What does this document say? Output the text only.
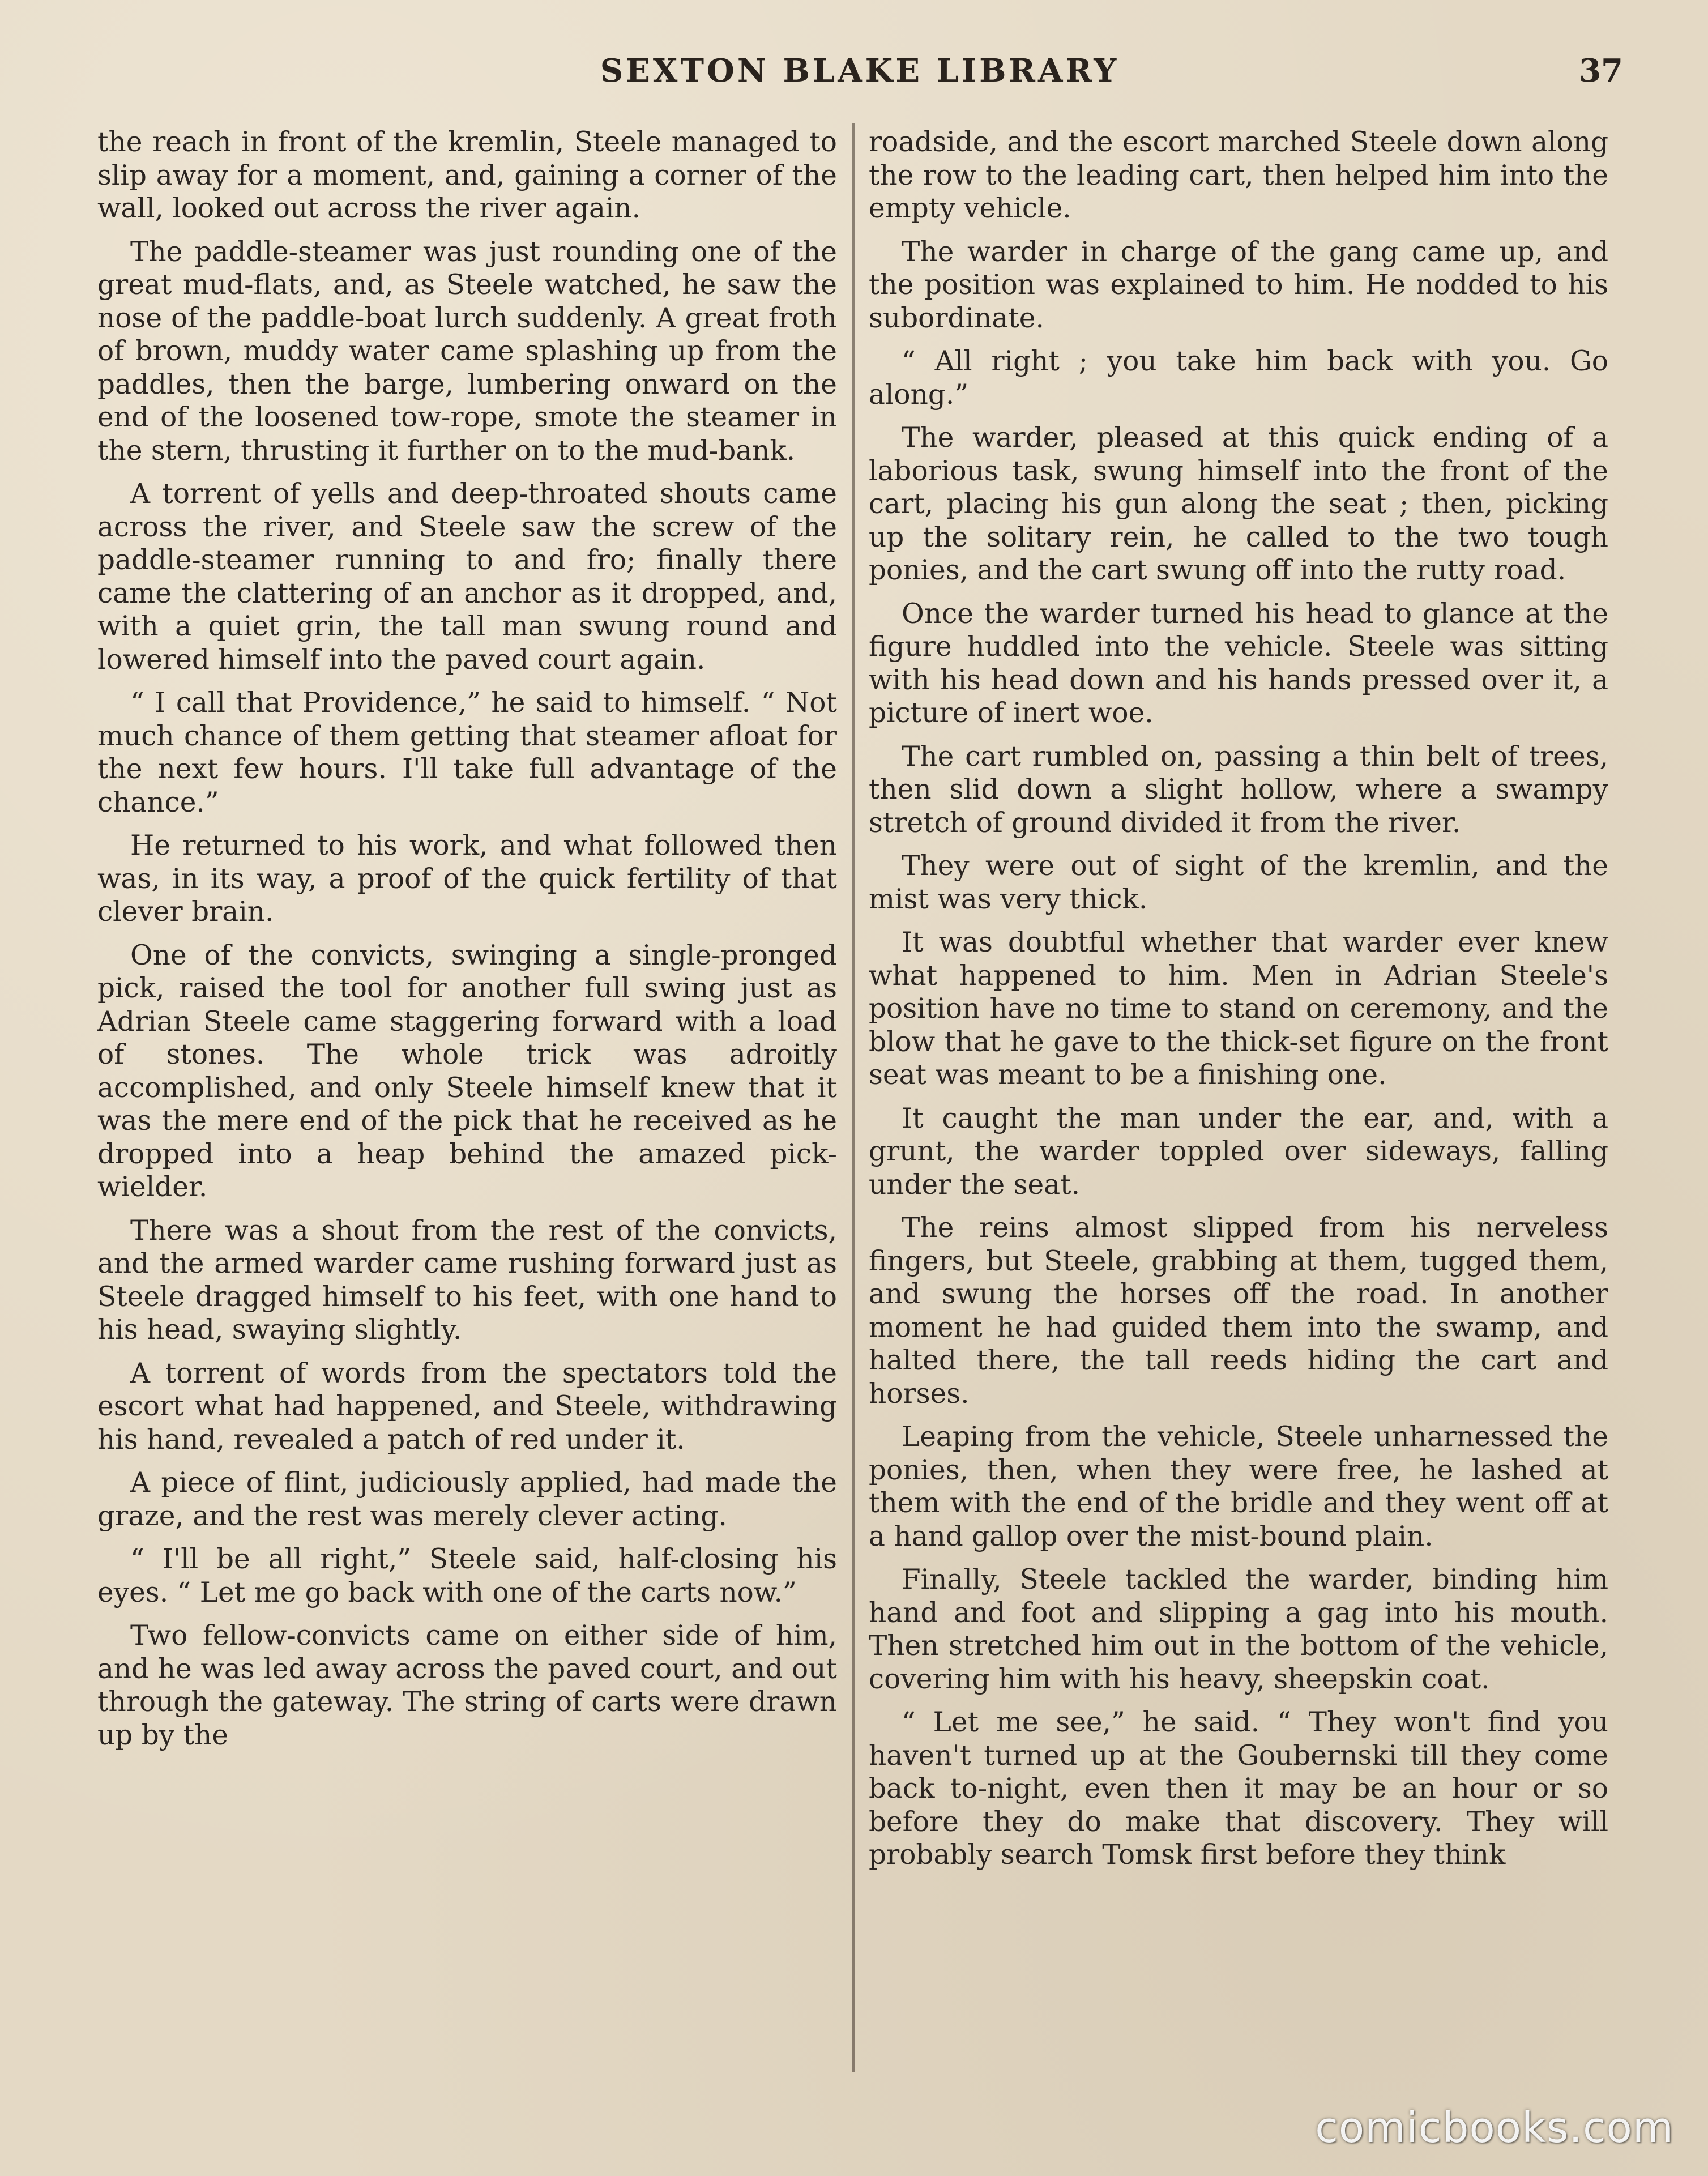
SEXTON BLAKE LIBRARY	37

the reach in front of the kremlin, Steele managed to slip away for a moment, and, gaining a corner of the wall, looked out across the river again.

The paddle-steamer was just rounding one of the great mud-flats, and, as Steele watched, he saw the nose of the paddle-boat lurch suddenly. A great froth of brown, muddy water came splashing up from the paddles, then the barge, lumbering onward on the end of the loosened tow-rope, smote the steamer in the stern, thrusting it further on to the mud-bank.

A torrent of yells and deep-throated shouts came across the river, and Steele saw the screw of the paddle-steamer running to and fro; finally there came the clattering of an anchor as it dropped, and, with a quiet grin, the tall man swung round and lowered himself into the paved court again.

“ I call that Providence,” he said to himself. “ Not much chance of them getting that steamer afloat for the next few hours. I'll take full advantage of the chance.”

He returned to his work, and what followed then was, in its way, a proof of the quick fertility of that clever brain.

One of the convicts, swinging a single-pronged pick, raised the tool for another full swing just as Adrian Steele came staggering forward with a load of stones. The whole trick was adroitly accomplished, and only Steele himself knew that it was the mere end of the pick that he received as he dropped into a heap behind the amazed pick-wielder.

There was a shout from the rest of the convicts, and the armed warder came rushing forward just as Steele dragged himself to his feet, with one hand to his head, swaying slightly.

A torrent of words from the spectators told the escort what had happened, and Steele, withdrawing his hand, revealed a patch of red under it.

A piece of flint, judiciously applied, had made the graze, and the rest was merely clever acting.

“ I'll be all right,” Steele said, half-closing his eyes. “ Let me go back with one of the carts now.”

Two fellow-convicts came on either side of him, and he was led away across the paved court, and out through the gateway. The string of carts were drawn up by the

roadside, and the escort marched Steele down along the row to the leading cart, then helped him into the empty vehicle.

The warder in charge of the gang came up, and the position was explained to him. He nodded to his subordinate.

“ All right ; you take him back with you. Go along.”

The warder, pleased at this quick ending of a laborious task, swung himself into the front of the cart, placing his gun along the seat ; then, picking up the solitary rein, he called to the two tough ponies, and the cart swung off into the rutty road.

Once the warder turned his head to glance at the figure huddled into the vehicle. Steele was sitting with his head down and his hands pressed over it, a picture of inert woe.

The cart rumbled on, passing a thin belt of trees, then slid down a slight hollow, where a swampy stretch of ground divided it from the river.

They were out of sight of the kremlin, and the mist was very thick.

It was doubtful whether that warder ever knew what happened to him. Men in Adrian Steele's position have no time to stand on ceremony, and the blow that he gave to the thick-set figure on the front seat was meant to be a finishing one.

It caught the man under the ear, and, with a grunt, the warder toppled over sideways, falling under the seat.

The reins almost slipped from his nerveless fingers, but Steele, grabbing at them, tugged them, and swung the horses off the road. In another moment he had guided them into the swamp, and halted there, the tall reeds hiding the cart and horses.

Leaping from the vehicle, Steele unharnessed the ponies, then, when they were free, he lashed at them with the end of the bridle and they went off at a hand gallop over the mist-bound plain.

Finally, Steele tackled the warder, binding him hand and foot and slipping a gag into his mouth. Then stretched him out in the bottom of the vehicle, covering him with his heavy, sheepskin coat.

“ Let me see,” he said. “ They won't find you haven't turned up at the Goubernski till they come back to-night, even then it may be an hour or so before they do make that discovery. They will probably search Tomsk first before they think

comicbooks.com
